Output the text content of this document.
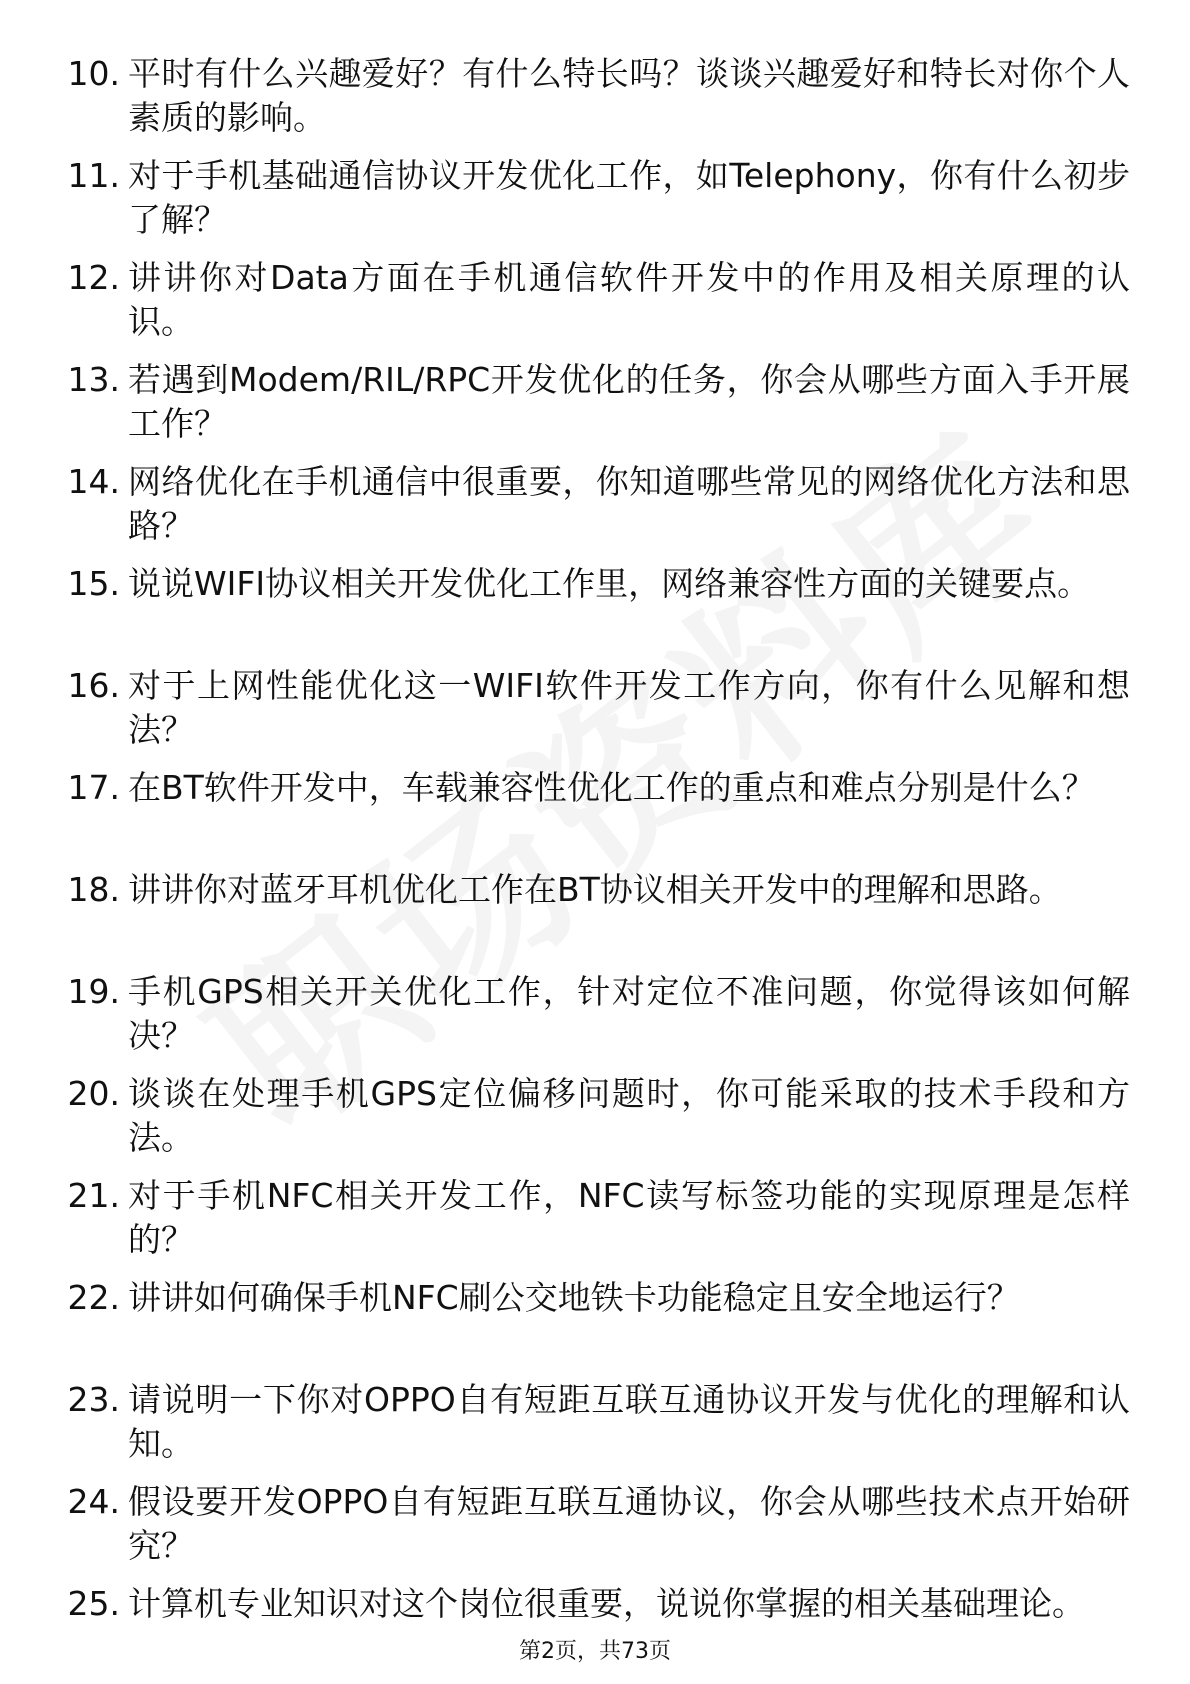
10. 平时有什么兴趣爱好？有什么特长吗？谈谈兴趣爱好和特长对你个人素质的影响。
11. 对于手机基础通信协议开发优化工作，如Telephony，你有什么初步了解？
12. 讲讲你对Data方面在手机通信软件开发中的作用及相关原理的认识。
13. 若遇到Modem/RIL/RPC开发优化的任务，你会从哪些方面入手开展工作？
14. 网络优化在手机通信中很重要，你知道哪些常见的网络优化方法和思路？
15. 说说WIFI协议相关开发优化工作里，网络兼容性方面的关键要点。
16. 对于上网性能优化这一WIFI软件开发工作方向，你有什么见解和想法？
17. 在BT软件开发中，车载兼容性优化工作的重点和难点分别是什么？
18. 讲讲你对蓝牙耳机优化工作在BT协议相关开发中的理解和思路。
19. 手机GPS相关开关优化工作，针对定位不准问题，你觉得该如何解决？
20. 谈谈在处理手机GPS定位偏移问题时，你可能采取的技术手段和方法。
21. 对于手机NFC相关开发工作，NFC读写标签功能的实现原理是怎样的？
22. 讲讲如何确保手机NFC刷公交地铁卡功能稳定且安全地运行？
23. 请说明一下你对OPPO自有短距互联互通协议开发与优化的理解和认知。
24. 假设要开发OPPO自有短距互联互通协议，你会从哪些技术点开始研究？
25. 计算机专业知识对这个岗位很重要，说说你掌握的相关基础理论。
第2页，共73页
